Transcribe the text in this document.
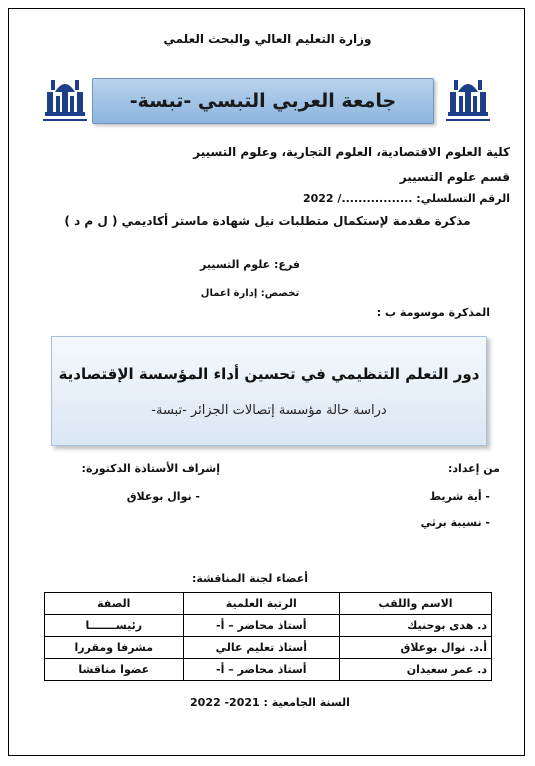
وزارة التعليم العالي والبحث العلمي
جامعة العربي التبسي -تبسة-
كلية العلوم الاقتصادية، العلوم التجارية، وعلوم التسيير
قسم علوم التسيير
الرقم التسلسلي: ................./ 2022
مذكرة مقدمة لإستكمال متطلبات نيل شهادة ماستر أكاديمي ( ل م د )
فرع: علوم التسيير
تخصص: إدارة اعمال
المذكرة موسومة ب :
دور التعلم التنظيمي في تحسين أداء المؤسسة الإقتصادية
دراسة حالة مؤسسة إتصالات الجزائر -تبسة-
من إعداد:
إشراف الأستاذة الدكتورة:
- أية شريط
- نوال بوعلاق
- نسيبة برثي
أعضاء لجنة المناقشة:
الاسم واللقب	الرتبة العلمية	الصفة
د. هدى بوحنيك	أستاذ محاضر – أ-	رئيســـــــا
أ.د. نوال بوعلاق	أستاذ تعليم عالي	مشرفا ومقررا
د. عمر سعيدان	أستاذ محاضر – أ-	عضوا مناقشا
السنة الجامعية : 2021- 2022
